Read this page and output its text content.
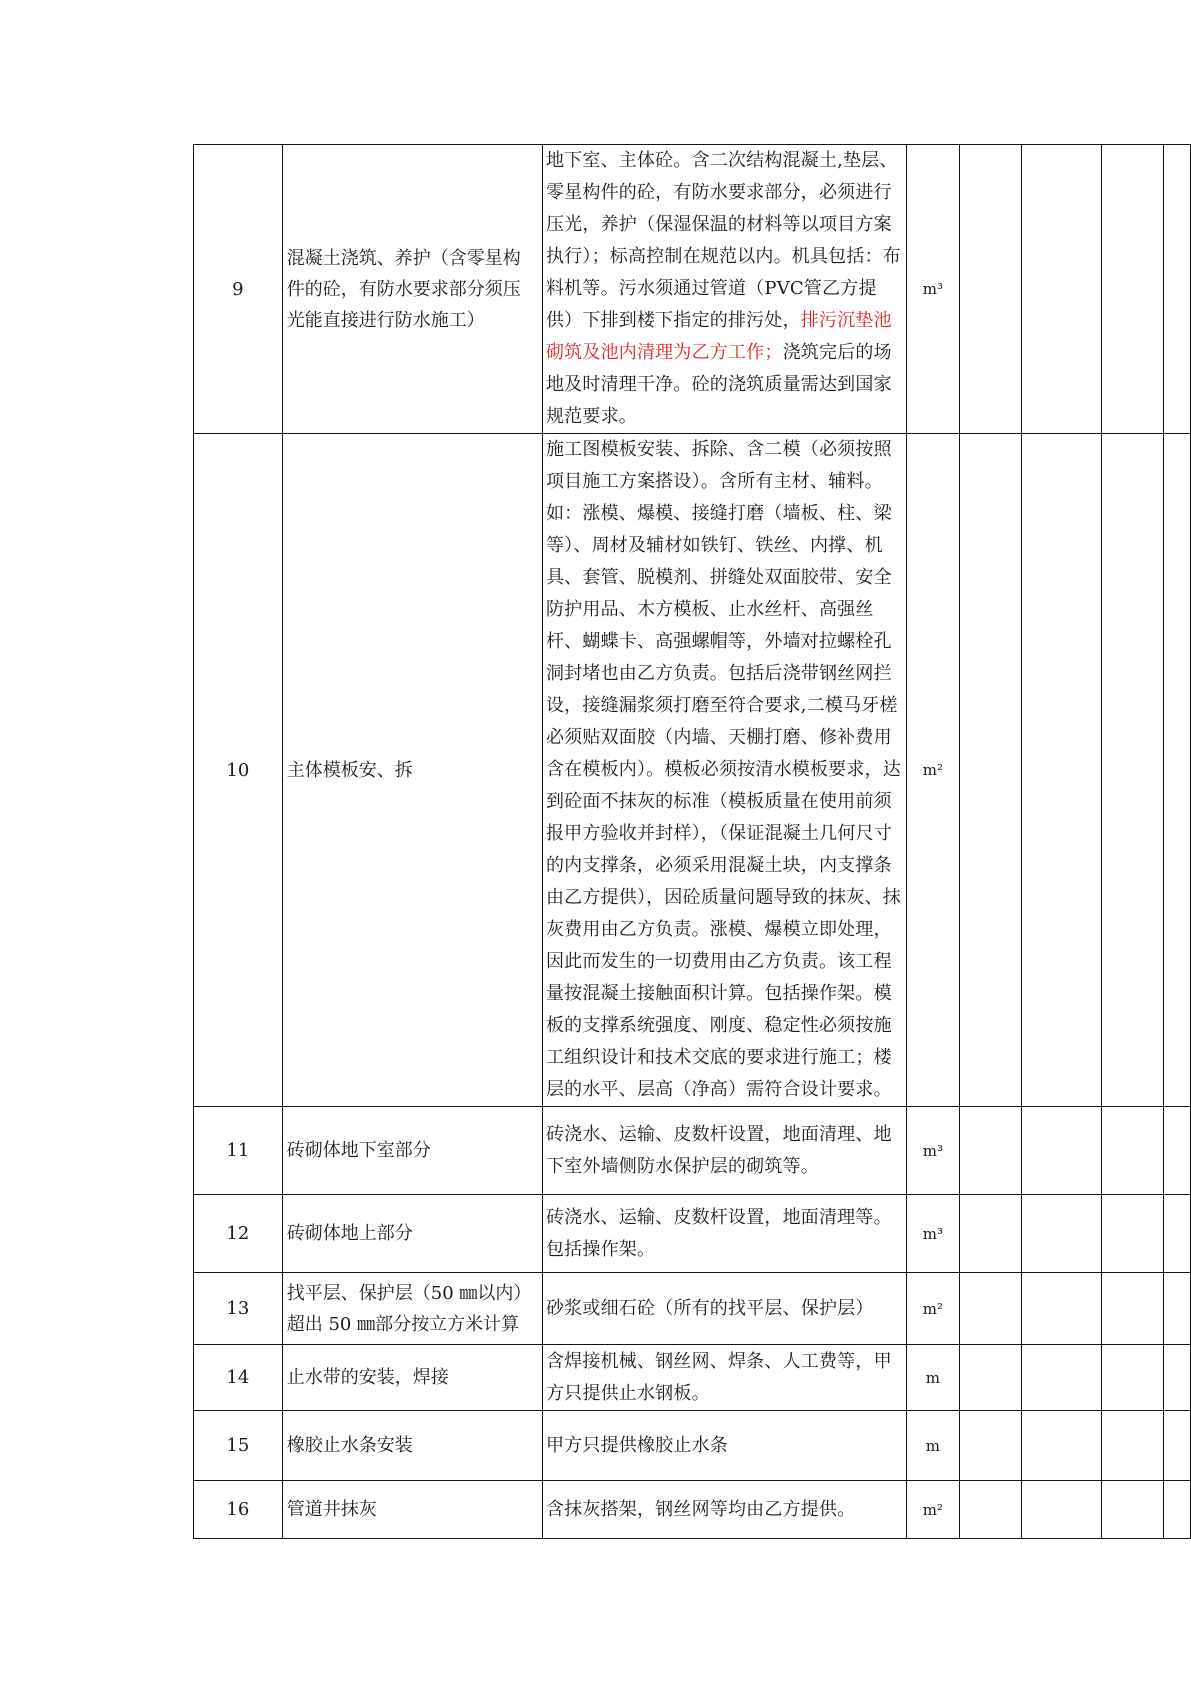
9	混凝土浇筑、养护（含零星构件的砼，有防水要求部分须压光能直接进行防水施工）	地下室、主体砼。含二次结构混凝土,垫层、零星构件的砼，有防水要求部分，必须进行压光，养护（保湿保温的材料等以项目方案执行）；标高控制在规范以内。机具包括：布料机等。污水须通过管道（PVC管乙方提供）下排到楼下指定的排污处，排污沉垫池砌筑及池内清理为乙方工作；浇筑完后的场地及时清理干净。砼的浇筑质量需达到国家规范要求。	m³				
10	主体模板安、拆	施工图模板安装、拆除、含二模（必须按照项目施工方案搭设）。含所有主材、辅料。如：涨模、爆模、接缝打磨（墙板、柱、梁等）、周材及辅材如铁钉、铁丝、内撑、机具、套管、脱模剂、拼缝处双面胶带、安全防护用品、木方模板、止水丝杆、高强丝杆、蝴蝶卡、高强螺帽等，外墙对拉螺栓孔洞封堵也由乙方负责。包括后浇带钢丝网拦设，接缝漏浆须打磨至符合要求,二模马牙槎必须贴双面胶（内墙、天棚打磨、修补费用含在模板内）。模板必须按清水模板要求，达到砼面不抹灰的标准（模板质量在使用前须报甲方验收并封样），（保证混凝土几何尺寸的内支撑条，必须采用混凝土块，内支撑条由乙方提供），因砼质量问题导致的抹灰、抹灰费用由乙方负责。涨模、爆模立即处理，因此而发生的一切费用由乙方负责。该工程量按混凝土接触面积计算。包括操作架。模板的支撑系统强度、刚度、稳定性必须按施工组织设计和技术交底的要求进行施工；楼层的水平、层高（净高）需符合设计要求。	m²				
11	砖砌体地下室部分	砖浇水、运输、皮数杆设置，地面清理、地下室外墙侧防水保护层的砌筑等。	m³				
12	砖砌体地上部分	砖浇水、运输、皮数杆设置，地面清理等。包括操作架。	m³				
13	找平层、保护层（50 ㎜以内）超出 50 ㎜部分按立方米计算	砂浆或细石砼（所有的找平层、保护层）	m²				
14	止水带的安装，焊接	含焊接机械、钢丝网、焊条、人工费等，甲方只提供止水钢板。	m				
15	橡胶止水条安装	甲方只提供橡胶止水条	m				
16	管道井抹灰	含抹灰搭架，钢丝网等均由乙方提供。	m²				
